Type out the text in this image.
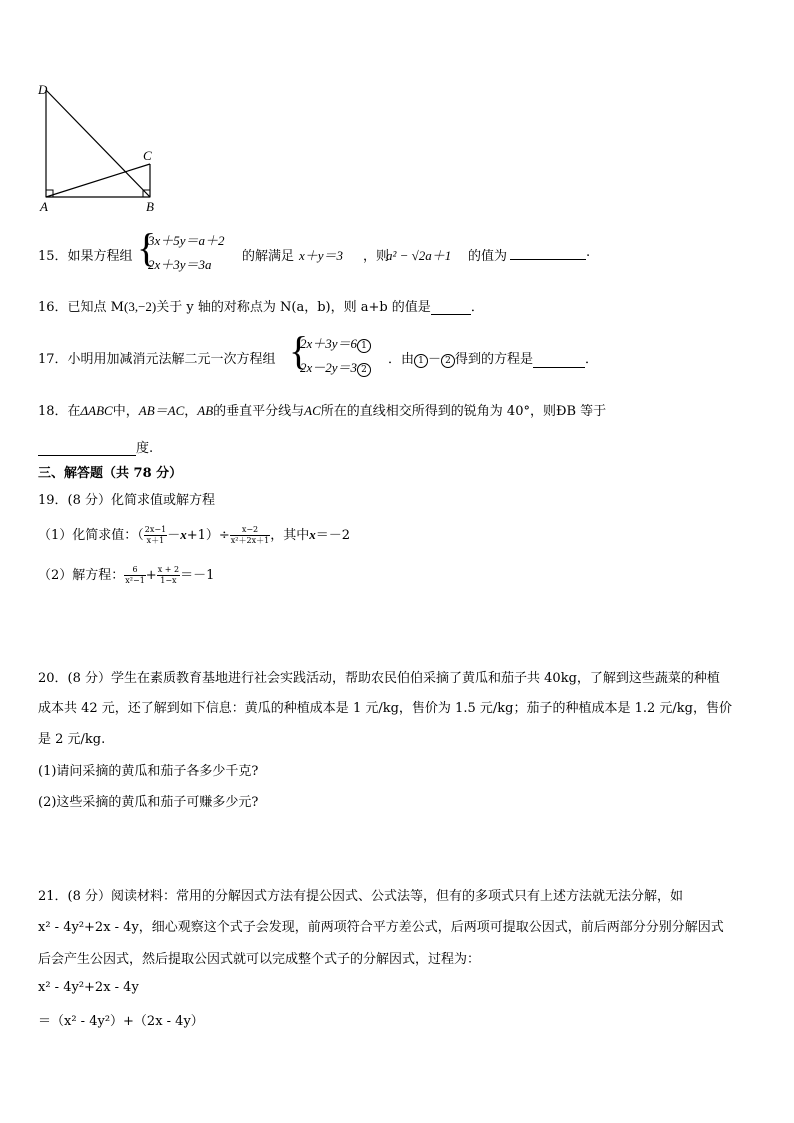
D
C
A	B
15．如果方程组 {
3x＋5y＝a＋2
2x＋3y＝3a
的解满足 x＋y＝3 ，则
a² − √2a＋1 的值为	.
16．已知点 M(3,−2)关于 y 轴的对称点为 N(a，b)，则 a+b 的值是	．
17．小明用加减消元法解二元一次方程组 {
2x＋3y＝6 1
2x－2y＝3 2
．由 1 － 2 得到的方程是	．
18．在ΔABC中，AB＝AC，AB的垂直平分线与AC所在的直线相交所得到的锐角为 40°，则ÐB 等于
度.
三、解答题（共 78 分）
19．(8 分）化简求值或解方程
（1）化简求值：（ $\frac{2x-1}{x+1} -x+1)\div \frac{x-2}{\text{x²＋2x＋1}}$ ，其中x＝－2
（2）解方程： $\frac{6}{\text{x²−1}} + \frac{x + 2}{1-x} =-1$
20．(8 分）学生在素质教育基地进行社会实践活动，帮助农民伯伯采摘了黄瓜和茄子共 40kg，了解到这些蔬菜的种植
成本共 42 元，还了解到如下信息：黄瓜的种植成本是 1 元/kg，售价为 1.5 元/kg；茄子的种植成本是 1.2 元/kg，售价
是 2 元/kg.
(1)请问采摘的黄瓜和茄子各多少千克?
(2)这些采摘的黄瓜和茄子可赚多少元?
21．(8 分）阅读材料：常用的分解因式方法有提公因式、公式法等，但有的多项式只有上述方法就无法分解，如
x² - 4y²+2x - 4y，细心观察这个式子会发现，前两项符合平方差公式，后两项可提取公因式，前后两部分分别分解因式
后会产生公因式，然后提取公因式就可以完成整个式子的分解因式，过程为：
x² - 4y²+2x - 4y
＝（x² - 4y²）+（2x - 4y）
